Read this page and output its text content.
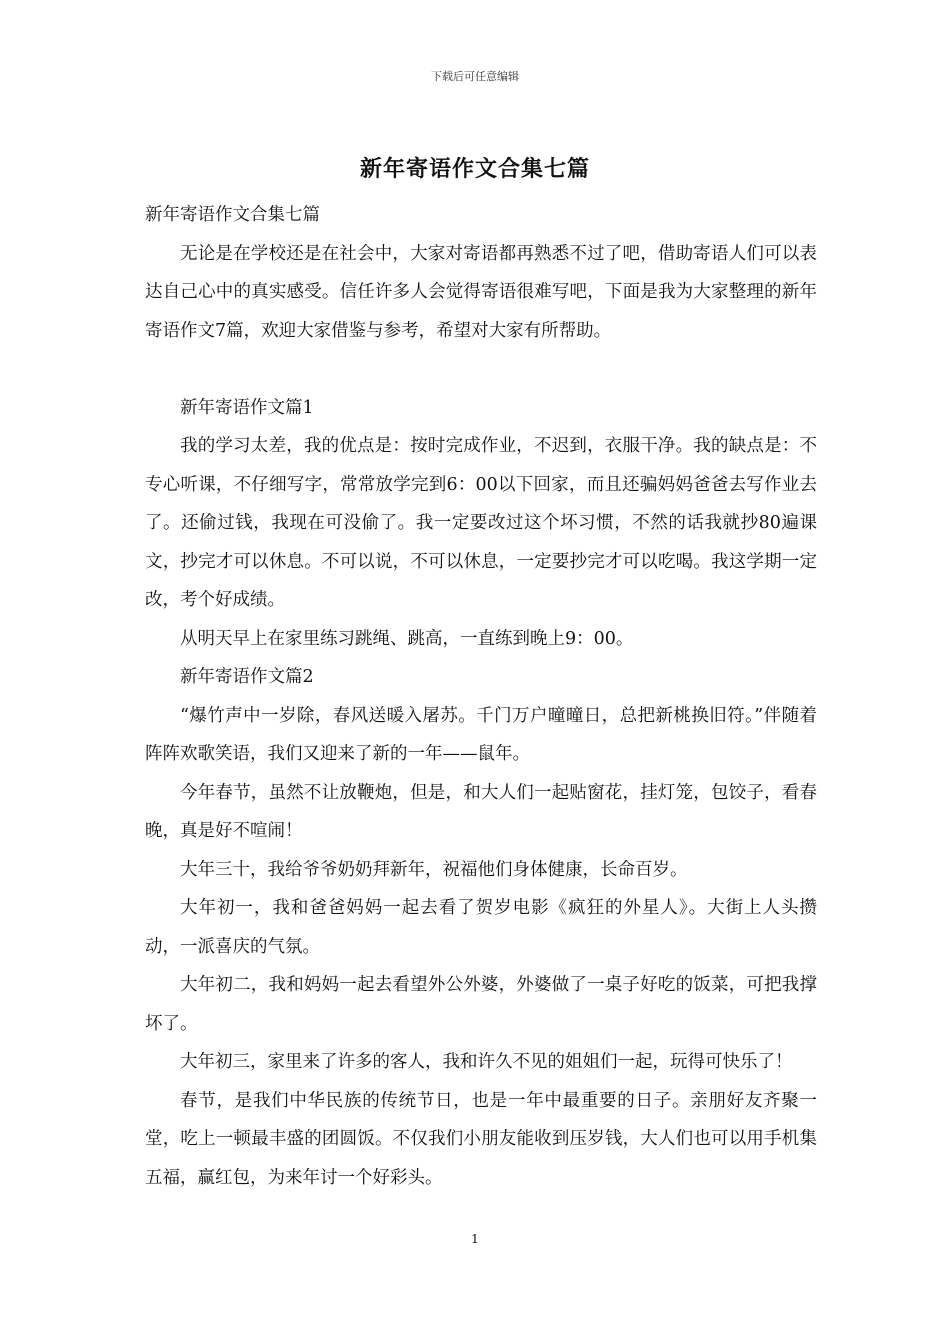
下载后可任意编辑
新年寄语作文合集七篇

新年寄语作文合集七篇

无论是在学校还是在社会中，大家对寄语都再熟悉不过了吧，借助寄语人们可以表达自己心中的真实感受。信任许多人会觉得寄语很难写吧，下面是我为大家整理的新年寄语作文7篇，欢迎大家借鉴与参考，希望对大家有所帮助。

新年寄语作文篇1

我的学习太差，我的优点是：按时完成作业，不迟到，衣服干净。我的缺点是：不专心听课，不仔细写字，常常放学完到6：00以下回家，而且还骗妈妈爸爸去写作业去了。还偷过钱，我现在可没偷了。我一定要改过这个坏习惯，不然的话我就抄80遍课文，抄完才可以休息。不可以说，不可以休息，一定要抄完才可以吃喝。我这学期一定改，考个好成绩。

从明天早上在家里练习跳绳、跳高，一直练到晚上9：00。

新年寄语作文篇2

“爆竹声中一岁除，春风送暖入屠苏。千门万户曈曈日，总把新桃换旧符。”伴随着阵阵欢歌笑语，我们又迎来了新的一年——鼠年。

今年春节，虽然不让放鞭炮，但是，和大人们一起贴窗花，挂灯笼，包饺子，看春晚，真是好不喧闹！

大年三十，我给爷爷奶奶拜新年，祝福他们身体健康，长命百岁。

大年初一，我和爸爸妈妈一起去看了贺岁电影《疯狂的外星人》。大街上人头攒动，一派喜庆的气氛。

大年初二，我和妈妈一起去看望外公外婆，外婆做了一桌子好吃的饭菜，可把我撑坏了。

大年初三，家里来了许多的客人，我和许久不见的姐姐们一起，玩得可快乐了！

春节，是我们中华民族的传统节日，也是一年中最重要的日子。亲朋好友齐聚一堂，吃上一顿最丰盛的团圆饭。不仅我们小朋友能收到压岁钱，大人们也可以用手机集五福，赢红包，为来年讨一个好彩头。

1
